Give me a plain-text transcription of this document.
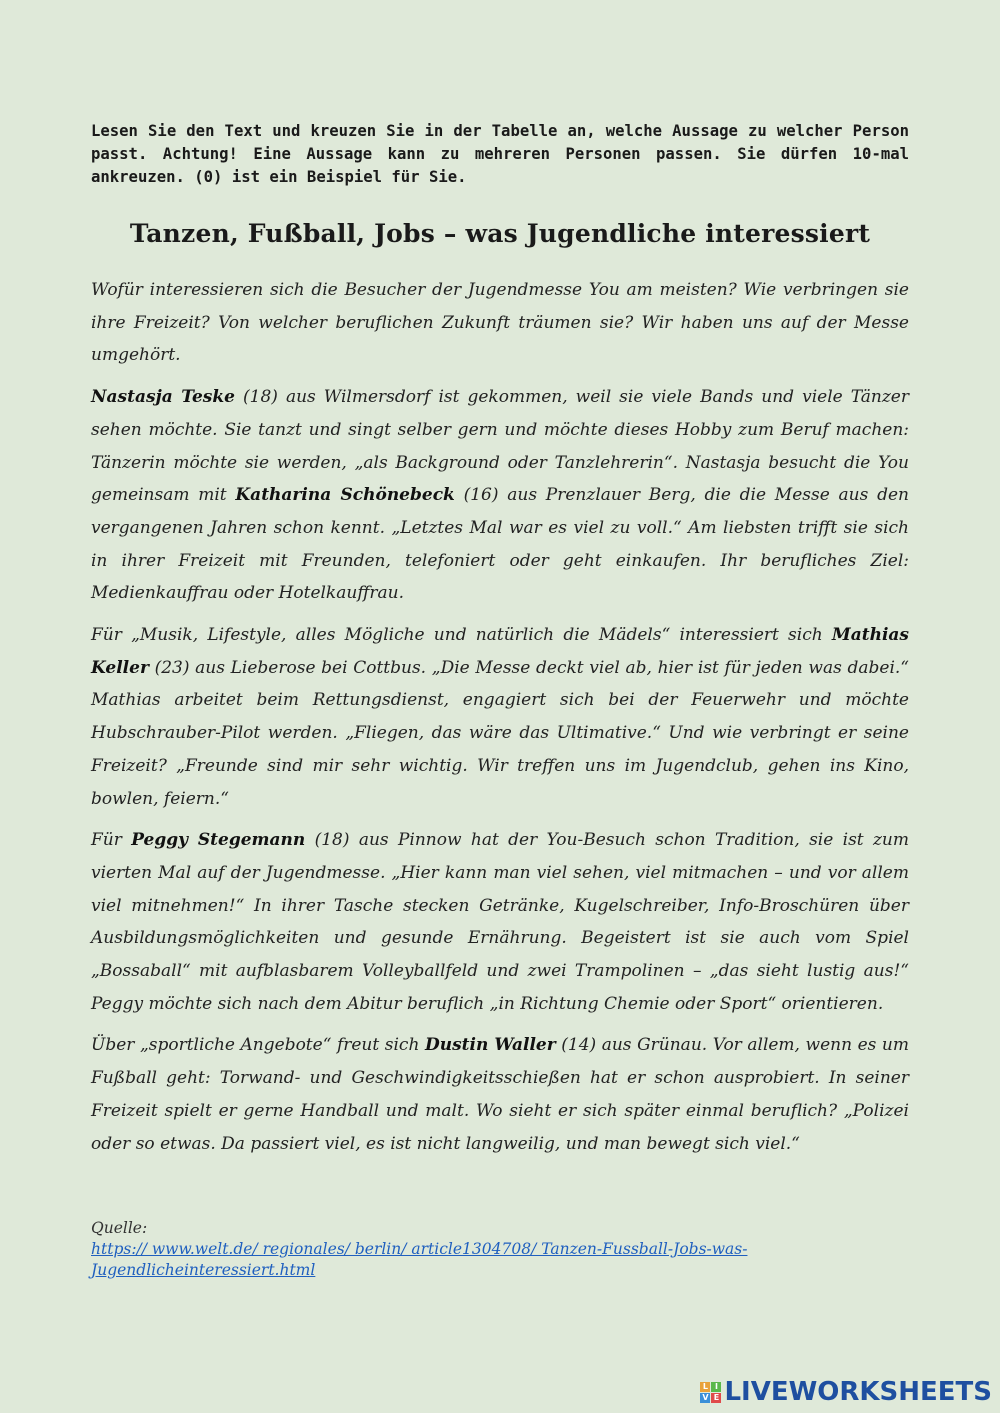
Lesen Sie den Text und kreuzen Sie in der Tabelle an, welche Aussage zu welcher Person passt. Achtung! Eine Aussage kann zu mehreren Personen passen. Sie dürfen 10-mal ankreuzen. (0) ist ein Beispiel für Sie.

Tanzen, Fußball, Jobs – was Jugendliche interessiert

Wofür interessieren sich die Besucher der Jugendmesse You am meisten? Wie verbringen sie ihre Freizeit? Von welcher beruflichen Zukunft träumen sie? Wir haben uns auf der Messe umgehört.

Nastasja Teske (18) aus Wilmersdorf ist gekommen, weil sie viele Bands und viele Tänzer sehen möchte. Sie tanzt und singt selber gern und möchte dieses Hobby zum Beruf machen: Tänzerin möchte sie werden, „als Background oder Tanzlehrerin“. Nastasja besucht die You gemeinsam mit Katharina Schönebeck (16) aus Prenzlauer Berg, die die Messe aus den vergangenen Jahren schon kennt. „Letztes Mal war es viel zu voll.“ Am liebsten trifft sie sich in ihrer Freizeit mit Freunden, telefoniert oder geht einkaufen. Ihr berufliches Ziel: Medienkauffrau oder Hotelkauffrau.

Für „Musik, Lifestyle, alles Mögliche und natürlich die Mädels“ interessiert sich Mathias Keller (23) aus Lieberose bei Cottbus. „Die Messe deckt viel ab, hier ist für jeden was dabei.“ Mathias arbeitet beim Rettungsdienst, engagiert sich bei der Feuerwehr und möchte Hubschrauber-Pilot werden. „Fliegen, das wäre das Ultimative.“ Und wie verbringt er seine Freizeit? „Freunde sind mir sehr wichtig. Wir treffen uns im Jugendclub, gehen ins Kino, bowlen, feiern.“

Für Peggy Stegemann (18) aus Pinnow hat der You-Besuch schon Tradition, sie ist zum vierten Mal auf der Jugendmesse. „Hier kann man viel sehen, viel mitmachen – und vor allem viel mitnehmen!“ In ihrer Tasche stecken Getränke, Kugelschreiber, Info-Broschüren über Ausbildungsmöglichkeiten und gesunde Ernährung. Begeistert ist sie auch vom Spiel „Bossaball“ mit aufblasbarem Volleyballfeld und zwei Trampolinen – „das sieht lustig aus!“ Peggy möchte sich nach dem Abitur beruflich „in Richtung Chemie oder Sport“ orientieren.

Über „sportliche Angebote“ freut sich Dustin Waller (14) aus Grünau. Vor allem, wenn es um Fußball geht: Torwand- und Geschwindigkeitsschießen hat er schon ausprobiert. In seiner Freizeit spielt er gerne Handball und malt. Wo sieht er sich später einmal beruflich? „Polizei oder so etwas. Da passiert viel, es ist nicht langweilig, und man bewegt sich viel.“

Quelle:
https:// www.welt.de/ regionales/ berlin/ article1304708/ Tanzen-Fussball-Jobs-was-Jugendlicheinteressiert.html
L I
V E LIVEWORKSHEETS
